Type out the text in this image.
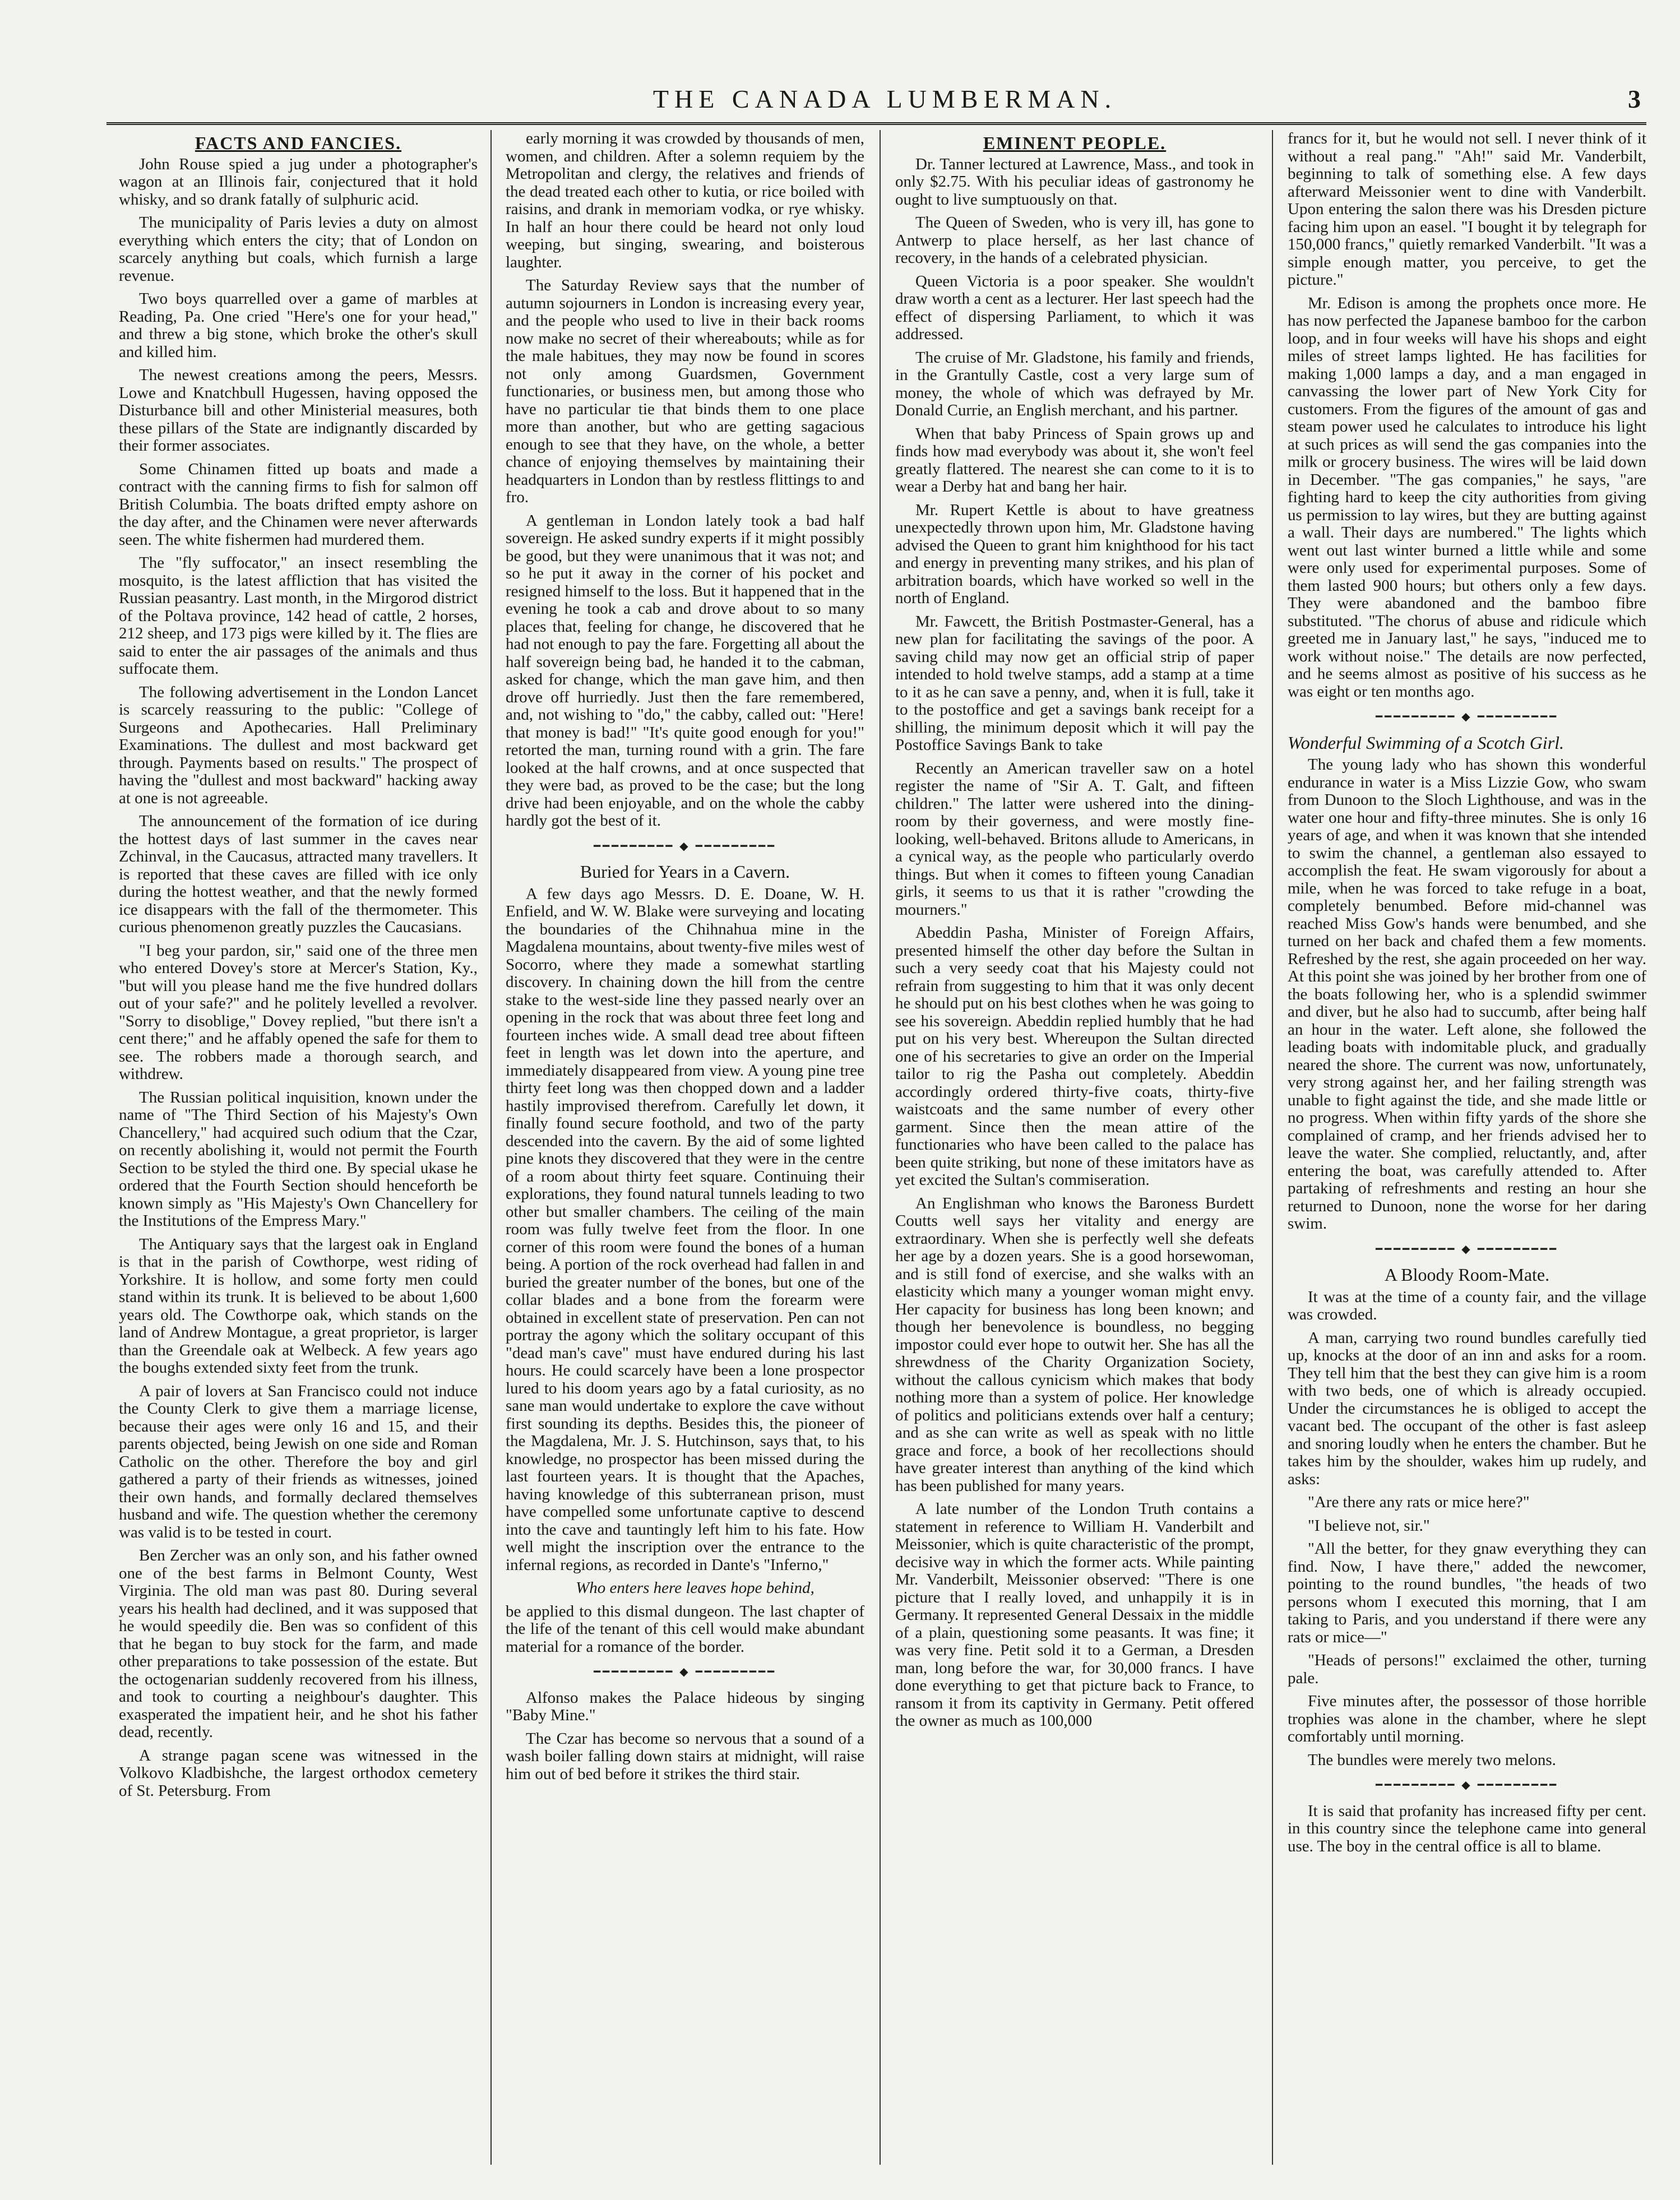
THE CANADA LUMBERMAN.	3
FACTS AND FANCIES.

John Rouse spied a jug under a photographer's wagon at an Illinois fair, conjectured that it hold whisky, and so drank fatally of sulphuric acid.

The municipality of Paris levies a duty on almost everything which enters the city; that of London on scarcely anything but coals, which furnish a large revenue.

Two boys quarrelled over a game of marbles at Reading, Pa. One cried "Here's one for your head," and threw a big stone, which broke the other's skull and killed him.

The newest creations among the peers, Messrs. Lowe and Knatchbull Hugessen, having opposed the Disturbance bill and other Ministerial measures, both these pillars of the State are indignantly discarded by their former associates.

Some Chinamen fitted up boats and made a contract with the canning firms to fish for salmon off British Columbia. The boats drifted empty ashore on the day after, and the Chinamen were never afterwards seen. The white fishermen had murdered them.

The "fly suffocator," an insect resembling the mosquito, is the latest affliction that has visited the Russian peasantry. Last month, in the Mirgorod district of the Poltava province, 142 head of cattle, 2 horses, 212 sheep, and 173 pigs were killed by it. The flies are said to enter the air passages of the animals and thus suffocate them.

The following advertisement in the London Lancet is scarcely reassuring to the public: "College of Surgeons and Apothecaries. Hall Preliminary Examinations. The dullest and most backward get through. Payments based on results." The prospect of having the "dullest and most backward" hacking away at one is not agreeable.

The announcement of the formation of ice during the hottest days of last summer in the caves near Zchinval, in the Caucasus, attracted many travellers. It is reported that these caves are filled with ice only during the hottest weather, and that the newly formed ice disappears with the fall of the thermometer. This curious phenomenon greatly puzzles the Caucasians.

"I beg your pardon, sir," said one of the three men who entered Dovey's store at Mercer's Station, Ky., "but will you please hand me the five hundred dollars out of your safe?" and he politely levelled a revolver. "Sorry to disoblige," Dovey replied, "but there isn't a cent there;" and he affably opened the safe for them to see. The robbers made a thorough search, and withdrew.

The Russian political inquisition, known under the name of "The Third Section of his Majesty's Own Chancellery," had acquired such odium that the Czar, on recently abolishing it, would not permit the Fourth Section to be styled the third one. By special ukase he ordered that the Fourth Section should henceforth be known simply as "His Majesty's Own Chancellery for the Institutions of the Empress Mary."

The Antiquary says that the largest oak in England is that in the parish of Cowthorpe, west riding of Yorkshire. It is hollow, and some forty men could stand within its trunk. It is believed to be about 1,600 years old. The Cowthorpe oak, which stands on the land of Andrew Montague, a great proprietor, is larger than the Greendale oak at Welbeck. A few years ago the boughs extended sixty feet from the trunk.

A pair of lovers at San Francisco could not induce the County Clerk to give them a marriage license, because their ages were only 16 and 15, and their parents objected, being Jewish on one side and Roman Catholic on the other. Therefore the boy and girl gathered a party of their friends as witnesses, joined their own hands, and formally declared themselves husband and wife. The question whether the ceremony was valid is to be tested in court.

Ben Zercher was an only son, and his father owned one of the best farms in Belmont County, West Virginia. The old man was past 80. During several years his health had declined, and it was supposed that he would speedily die. Ben was so confident of this that he began to buy stock for the farm, and made other preparations to take possession of the estate. But the octogenarian suddenly recovered from his illness, and took to courting a neighbour's daughter. This exasperated the impatient heir, and he shot his father dead, recently.

A strange pagan scene was witnessed in the Volkovo Kladbishche, the largest orthodox cemetery of St. Petersburg. From

early morning it was crowded by thousands of men, women, and children. After a solemn requiem by the Metropolitan and clergy, the relatives and friends of the dead treated each other to kutia, or rice boiled with raisins, and drank in memoriam vodka, or rye whisky. In half an hour there could be heard not only loud weeping, but singing, swearing, and boisterous laughter.

The Saturday Review says that the number of autumn sojourners in London is increasing every year, and the people who used to live in their back rooms now make no secret of their whereabouts; while as for the male habitues, they may now be found in scores not only among Guardsmen, Government functionaries, or business men, but among those who have no particular tie that binds them to one place more than another, but who are getting sagacious enough to see that they have, on the whole, a better chance of enjoying themselves by maintaining their headquarters in London than by restless flittings to and fro.

A gentleman in London lately took a bad half sovereign. He asked sundry experts if it might possibly be good, but they were unanimous that it was not; and so he put it away in the corner of his pocket and resigned himself to the loss. But it happened that in the evening he took a cab and drove about to so many places that, feeling for change, he discovered that he had not enough to pay the fare. Forgetting all about the half sovereign being bad, he handed it to the cabman, asked for change, which the man gave him, and then drove off hurriedly. Just then the fare remembered, and, not wishing to "do," the cabby, called out: "Here! that money is bad!" "It's quite good enough for you!" retorted the man, turning round with a grin. The fare looked at the half crowns, and at once suspected that they were bad, as proved to be the case; but the long drive had been enjoyable, and on the whole the cabby hardly got the best of it.

━━━━━━━━━ ◆ ━━━━━━━━━
Buried for Years in a Cavern.

A few days ago Messrs. D. E. Doane, W. H. Enfield, and W. W. Blake were surveying and locating the boundaries of the Chihnahua mine in the Magdalena mountains, about twenty-five miles west of Socorro, where they made a somewhat startling discovery. In chaining down the hill from the centre stake to the west-side line they passed nearly over an opening in the rock that was about three feet long and fourteen inches wide. A small dead tree about fifteen feet in length was let down into the aperture, and immediately disappeared from view. A young pine tree thirty feet long was then chopped down and a ladder hastily improvised therefrom. Carefully let down, it finally found secure foothold, and two of the party descended into the cavern. By the aid of some lighted pine knots they discovered that they were in the centre of a room about thirty feet square. Continuing their explorations, they found natural tunnels leading to two other but smaller chambers. The ceiling of the main room was fully twelve feet from the floor. In one corner of this room were found the bones of a human being. A portion of the rock overhead had fallen in and buried the greater number of the bones, but one of the collar blades and a bone from the forearm were obtained in excellent state of preservation. Pen can not portray the agony which the solitary occupant of this "dead man's cave" must have endured during his last hours. He could scarcely have been a lone prospector lured to his doom years ago by a fatal curiosity, as no sane man would undertake to explore the cave without first sounding its depths. Besides this, the pioneer of the Magdalena, Mr. J. S. Hutchinson, says that, to his knowledge, no prospector has been missed during the last fourteen years. It is thought that the Apaches, having knowledge of this subterranean prison, must have compelled some unfortunate captive to descend into the cave and tauntingly left him to his fate. How well might the inscription over the entrance to the infernal regions, as recorded in Dante's "Inferno,"

Who enters here leaves hope behind,

be applied to this dismal dungeon. The last chapter of the life of the tenant of this cell would make abundant material for a romance of the border.

━━━━━━━━━ ◆ ━━━━━━━━━

Alfonso makes the Palace hideous by singing "Baby Mine."

The Czar has become so nervous that a sound of a wash boiler falling down stairs at midnight, will raise him out of bed before it strikes the third stair.

EMINENT PEOPLE.

Dr. Tanner lectured at Lawrence, Mass., and took in only $2.75. With his peculiar ideas of gastronomy he ought to live sumptuously on that.

The Queen of Sweden, who is very ill, has gone to Antwerp to place herself, as her last chance of recovery, in the hands of a celebrated physician.

Queen Victoria is a poor speaker. She wouldn't draw worth a cent as a lecturer. Her last speech had the effect of dispersing Parliament, to which it was addressed.

The cruise of Mr. Gladstone, his family and friends, in the Grantully Castle, cost a very large sum of money, the whole of which was defrayed by Mr. Donald Currie, an English merchant, and his partner.

When that baby Princess of Spain grows up and finds how mad everybody was about it, she won't feel greatly flattered. The nearest she can come to it is to wear a Derby hat and bang her hair.

Mr. Rupert Kettle is about to have greatness unexpectedly thrown upon him, Mr. Gladstone having advised the Queen to grant him knighthood for his tact and energy in preventing many strikes, and his plan of arbitration boards, which have worked so well in the north of England.

Mr. Fawcett, the British Postmaster-General, has a new plan for facilitating the savings of the poor. A saving child may now get an official strip of paper intended to hold twelve stamps, add a stamp at a time to it as he can save a penny, and, when it is full, take it to the postoffice and get a savings bank receipt for a shilling, the minimum deposit which it will pay the Postoffice Savings Bank to take

Recently an American traveller saw on a hotel register the name of "Sir A. T. Galt, and fifteen children." The latter were ushered into the dining-room by their governess, and were mostly fine-looking, well-behaved. Britons allude to Americans, in a cynical way, as the people who particularly overdo things. But when it comes to fifteen young Canadian girls, it seems to us that it is rather "crowding the mourners."

Abeddin Pasha, Minister of Foreign Affairs, presented himself the other day before the Sultan in such a very seedy coat that his Majesty could not refrain from suggesting to him that it was only decent he should put on his best clothes when he was going to see his sovereign. Abeddin replied humbly that he had put on his very best. Whereupon the Sultan directed one of his secretaries to give an order on the Imperial tailor to rig the Pasha out completely. Abeddin accordingly ordered thirty-five coats, thirty-five waistcoats and the same number of every other garment. Since then the mean attire of the functionaries who have been called to the palace has been quite striking, but none of these imitators have as yet excited the Sultan's commiseration.

An Englishman who knows the Baroness Burdett Coutts well says her vitality and energy are extraordinary. When she is perfectly well she defeats her age by a dozen years. She is a good horsewoman, and is still fond of exercise, and she walks with an elasticity which many a younger woman might envy. Her capacity for business has long been known; and though her benevolence is boundless, no begging impostor could ever hope to outwit her. She has all the shrewdness of the Charity Organization Society, without the callous cynicism which makes that body nothing more than a system of police. Her knowledge of politics and politicians extends over half a century; and as she can write as well as speak with no little grace and force, a book of her recollections should have greater interest than anything of the kind which has been published for many years.

A late number of the London Truth contains a statement in reference to William H. Vanderbilt and Meissonier, which is quite characteristic of the prompt, decisive way in which the former acts. While painting Mr. Vanderbilt, Meissonier observed: "There is one picture that I really loved, and unhappily it is in Germany. It represented General Dessaix in the middle of a plain, questioning some peasants. It was fine; it was very fine. Petit sold it to a German, a Dresden man, long before the war, for 30,000 francs. I have done everything to get that picture back to France, to ransom it from its captivity in Germany. Petit offered the owner as much as 100,000

francs for it, but he would not sell. I never think of it without a real pang." "Ah!" said Mr. Vanderbilt, beginning to talk of something else. A few days afterward Meissonier went to dine with Vanderbilt. Upon entering the salon there was his Dresden picture facing him upon an easel. "I bought it by telegraph for 150,000 francs," quietly remarked Vanderbilt. "It was a simple enough matter, you perceive, to get the picture."

Mr. Edison is among the prophets once more. He has now perfected the Japanese bamboo for the carbon loop, and in four weeks will have his shops and eight miles of street lamps lighted. He has facilities for making 1,000 lamps a day, and a man engaged in canvassing the lower part of New York City for customers. From the figures of the amount of gas and steam power used he calculates to introduce his light at such prices as will send the gas companies into the milk or grocery business. The wires will be laid down in December. "The gas companies," he says, "are fighting hard to keep the city authorities from giving us permission to lay wires, but they are butting against a wall. Their days are numbered." The lights which went out last winter burned a little while and some were only used for experimental purposes. Some of them lasted 900 hours; but others only a few days. They were abandoned and the bamboo fibre substituted. "The chorus of abuse and ridicule which greeted me in January last," he says, "induced me to work without noise." The details are now perfected, and he seems almost as positive of his success as he was eight or ten months ago.

━━━━━━━━━ ◆ ━━━━━━━━━
Wonderful Swimming of a Scotch Girl.

The young lady who has shown this wonderful endurance in water is a Miss Lizzie Gow, who swam from Dunoon to the Sloch Lighthouse, and was in the water one hour and fifty-three minutes. She is only 16 years of age, and when it was known that she intended to swim the channel, a gentleman also essayed to accomplish the feat. He swam vigorously for about a mile, when he was forced to take refuge in a boat, completely benumbed. Before mid-channel was reached Miss Gow's hands were benumbed, and she turned on her back and chafed them a few moments. Refreshed by the rest, she again proceeded on her way. At this point she was joined by her brother from one of the boats following her, who is a splendid swimmer and diver, but he also had to succumb, after being half an hour in the water. Left alone, she followed the leading boats with indomitable pluck, and gradually neared the shore. The current was now, unfortunately, very strong against her, and her failing strength was unable to fight against the tide, and she made little or no progress. When within fifty yards of the shore she complained of cramp, and her friends advised her to leave the water. She complied, reluctantly, and, after entering the boat, was carefully attended to. After partaking of refreshments and resting an hour she returned to Dunoon, none the worse for her daring swim.

━━━━━━━━━ ◆ ━━━━━━━━━
A Bloody Room-Mate.

It was at the time of a county fair, and the village was crowded.

A man, carrying two round bundles carefully tied up, knocks at the door of an inn and asks for a room. They tell him that the best they can give him is a room with two beds, one of which is already occupied. Under the circumstances he is obliged to accept the vacant bed. The occupant of the other is fast asleep and snoring loudly when he enters the chamber. But he takes him by the shoulder, wakes him up rudely, and asks:

"Are there any rats or mice here?"

"I believe not, sir."

"All the better, for they gnaw everything they can find. Now, I have there," added the newcomer, pointing to the round bundles, "the heads of two persons whom I executed this morning, that I am taking to Paris, and you understand if there were any rats or mice—"

"Heads of persons!" exclaimed the other, turning pale.

Five minutes after, the possessor of those horrible trophies was alone in the chamber, where he slept comfortably until morning.

The bundles were merely two melons.

━━━━━━━━━ ◆ ━━━━━━━━━

It is said that profanity has increased fifty per cent. in this country since the telephone came into general use. The boy in the central office is all to blame.
